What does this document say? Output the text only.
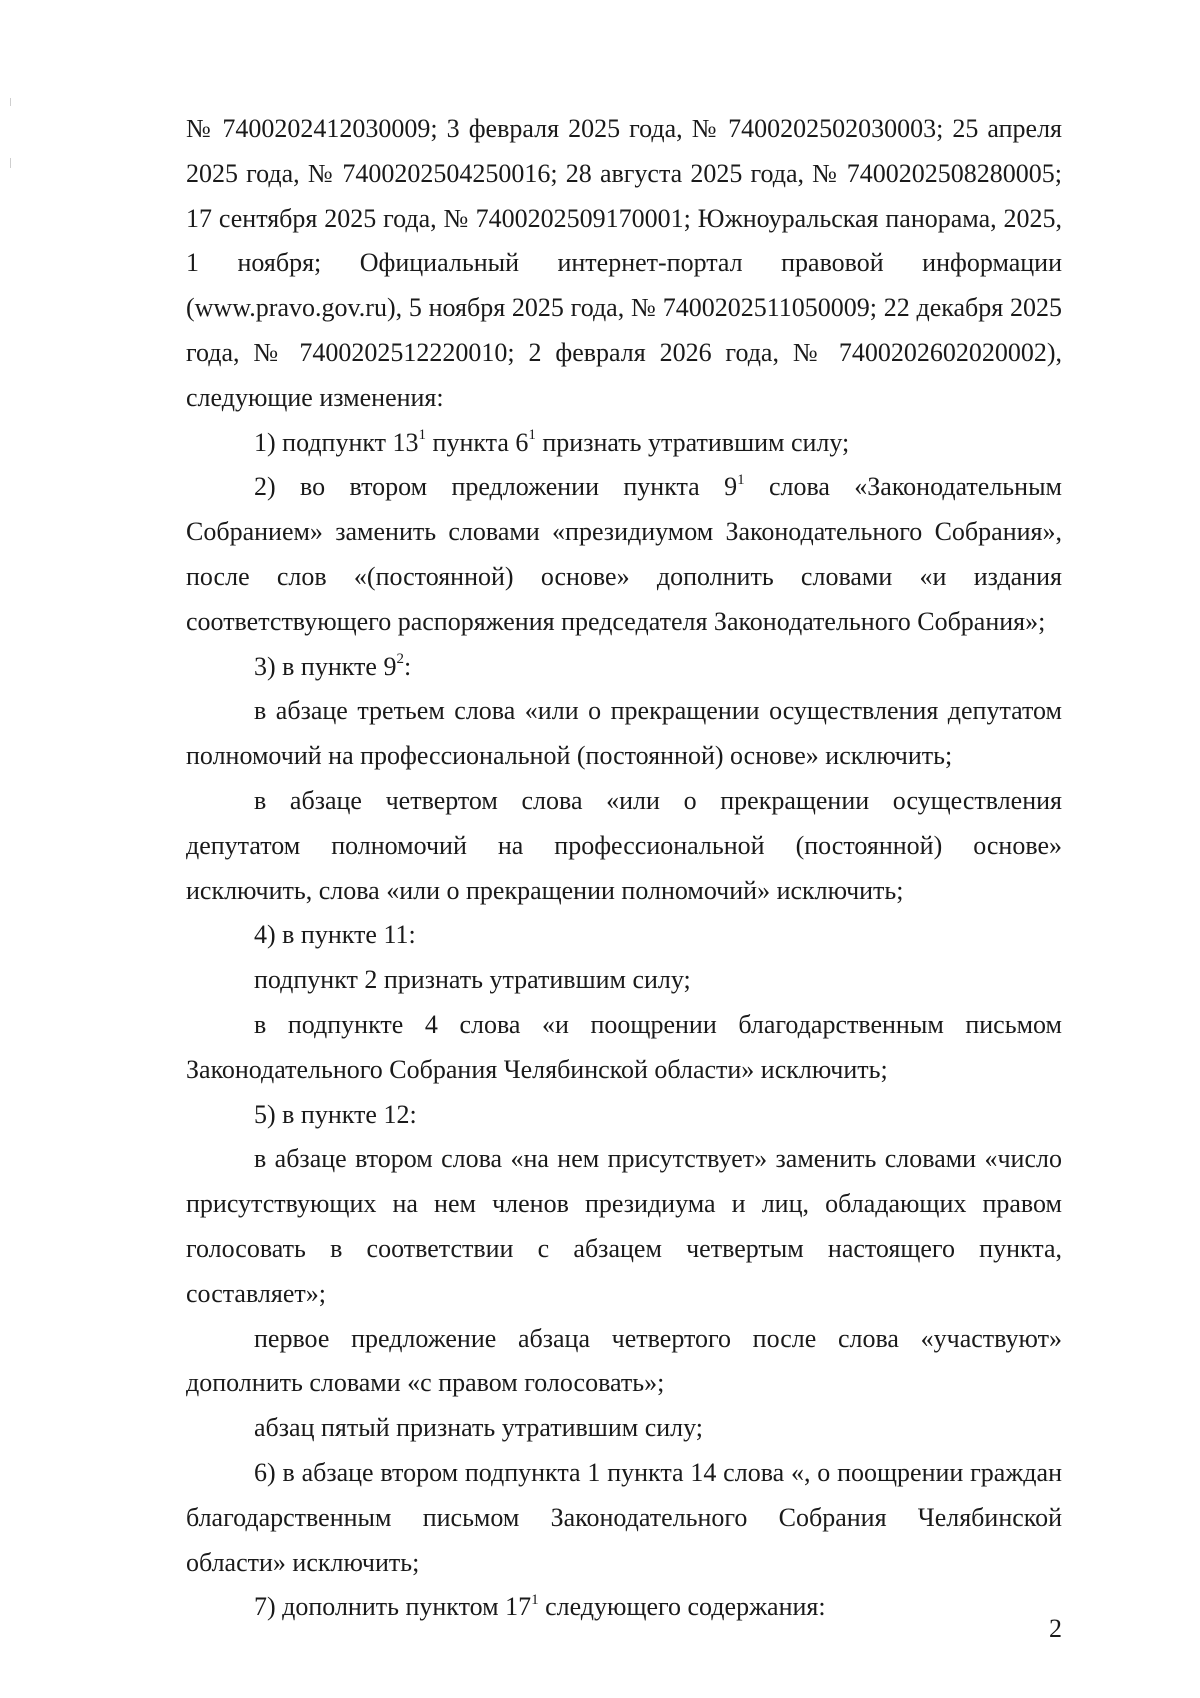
№ 7400202412030009; 3 февраля 2025 года, № 7400202502030003; 25 апреля 2025 года, № 7400202504250016; 28 августа 2025 года, № 7400202508280005; 17 сентября 2025 года, № 7400202509170001; Южноуральская панорама, 2025, 1 ноября; Официальный интернет-портал правовой информации (www.pravo.gov.ru), 5 ноября 2025 года, № 7400202511050009; 22 декабря 2025 года, № 7400202512220010; 2 февраля 2026 года, № 7400202602020002), следующие изменения:

1) подпункт $13^1$ пункта $6^1$ признать утратившим силу;

2) во втором предложении пункта $9^1$ слова «Законодательным Собранием» заменить словами «президиумом Законодательного Собрания», после слов «(постоянной) основе» дополнить словами «и издания соответствующего распоряжения председателя Законодательного Собрания»;

3) в пункте $9^2$:

в абзаце третьем слова «или о прекращении осуществления депутатом полномочий на профессиональной (постоянной) основе» исключить;

в абзаце четвертом слова «или о прекращении осуществления депутатом полномочий на профессиональной (постоянной) основе» исключить, слова «или о прекращении полномочий» исключить;

4) в пункте 11:

подпункт 2 признать утратившим силу;

в подпункте 4 слова «и поощрении благодарственным письмом Законодательного Собрания Челябинской области» исключить;

5) в пункте 12:

в абзаце втором слова «на нем присутствует» заменить словами «число присутствующих на нем членов президиума и лиц, обладающих правом голосовать в соответствии с абзацем четвертым настоящего пункта, составляет»;

первое предложение абзаца четвертого после слова «участвуют» дополнить словами «с правом голосовать»;

абзац пятый признать утратившим силу;

6) в абзаце втором подпункта 1 пункта 14 слова «, о поощрении граждан благодарственным письмом Законодательного Собрания Челябинской области» исключить;

7) дополнить пунктом $17^1$ следующего содержания:

2
